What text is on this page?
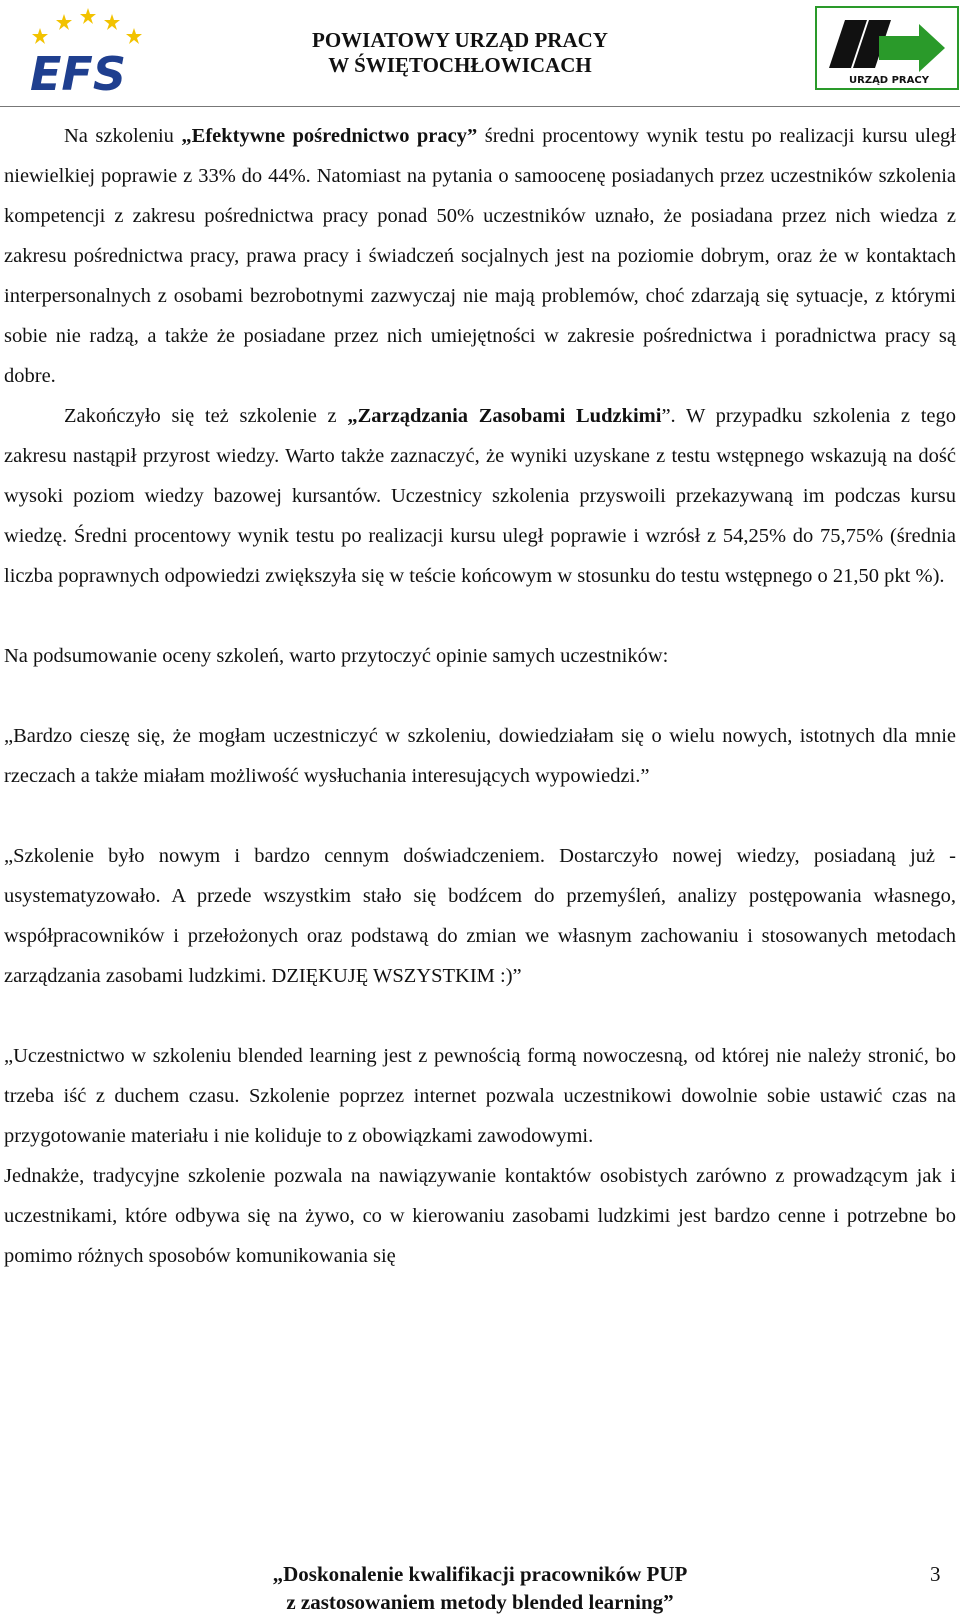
EFS
POWIATOWY URZĄD PRACY
W ŚWIĘTOCHŁOWICACH
URZĄD PRACY

Na szkoleniu „Efektywne pośrednictwo pracy” średni procentowy wynik testu po realizacji kursu uległ niewielkiej poprawie z 33% do 44%. Natomiast na pytania o samoocenę posiadanych przez uczestników szkolenia kompetencji z zakresu pośrednictwa pracy ponad 50% uczestników uznało, że posiadana przez nich wiedza z zakresu pośrednictwa pracy, prawa pracy i świadczeń socjalnych jest na poziomie dobrym, oraz że w kontaktach interpersonalnych z osobami bezrobotnymi zazwyczaj nie mają problemów, choć zdarzają się sytuacje, z którymi sobie nie radzą, a także że posiadane przez nich umiejętności w zakresie pośrednictwa i poradnictwa pracy są dobre.

Zakończyło się też szkolenie z „Zarządzania Zasobami Ludzkimi”. W przypadku szkolenia z tego zakresu nastąpił przyrost wiedzy. Warto także zaznaczyć, że wyniki uzyskane z testu wstępnego wskazują na dość wysoki poziom wiedzy bazowej kursantów. Uczestnicy szkolenia przyswoili przekazywaną im podczas kursu wiedzę. Średni procentowy wynik testu po realizacji kursu uległ poprawie i wzrósł z 54,25% do 75,75% (średnia liczba poprawnych odpowiedzi zwiększyła się w teście końcowym w stosunku do testu wstępnego o 21,50 pkt %).

Na podsumowanie oceny szkoleń, warto przytoczyć opinie samych uczestników:

„Bardzo cieszę się, że mogłam uczestniczyć w szkoleniu, dowiedziałam się o wielu nowych, istotnych dla mnie rzeczach a także miałam możliwość wysłuchania interesujących wypowiedzi.”

„Szkolenie było nowym i bardzo cennym doświadczeniem. Dostarczyło nowej wiedzy, posiadaną już - usystematyzowało. A przede wszystkim stało się bodźcem do przemyśleń, analizy postępowania własnego, współpracowników i przełożonych oraz podstawą do zmian we własnym zachowaniu i stosowanych metodach zarządzania zasobami ludzkimi. DZIĘKUJĘ WSZYSTKIM :)”

„Uczestnictwo w szkoleniu blended learning jest z pewnością formą nowoczesną, od której nie należy stronić, bo trzeba iść z duchem czasu. Szkolenie poprzez internet pozwala uczestnikowi dowolnie sobie ustawić czas na przygotowanie materiału i nie koliduje to z obowiązkami zawodowymi.

Jednakże, tradycyjne szkolenie pozwala na nawiązywanie kontaktów osobistych zarówno z prowadzącym jak i uczestnikami, które odbywa się na żywo, co w kierowaniu zasobami ludzkimi jest bardzo cenne i potrzebne bo pomimo różnych sposobów komunikowania się

„Doskonalenie kwalifikacji pracowników PUP
z zastosowaniem metody blended learning”
3
